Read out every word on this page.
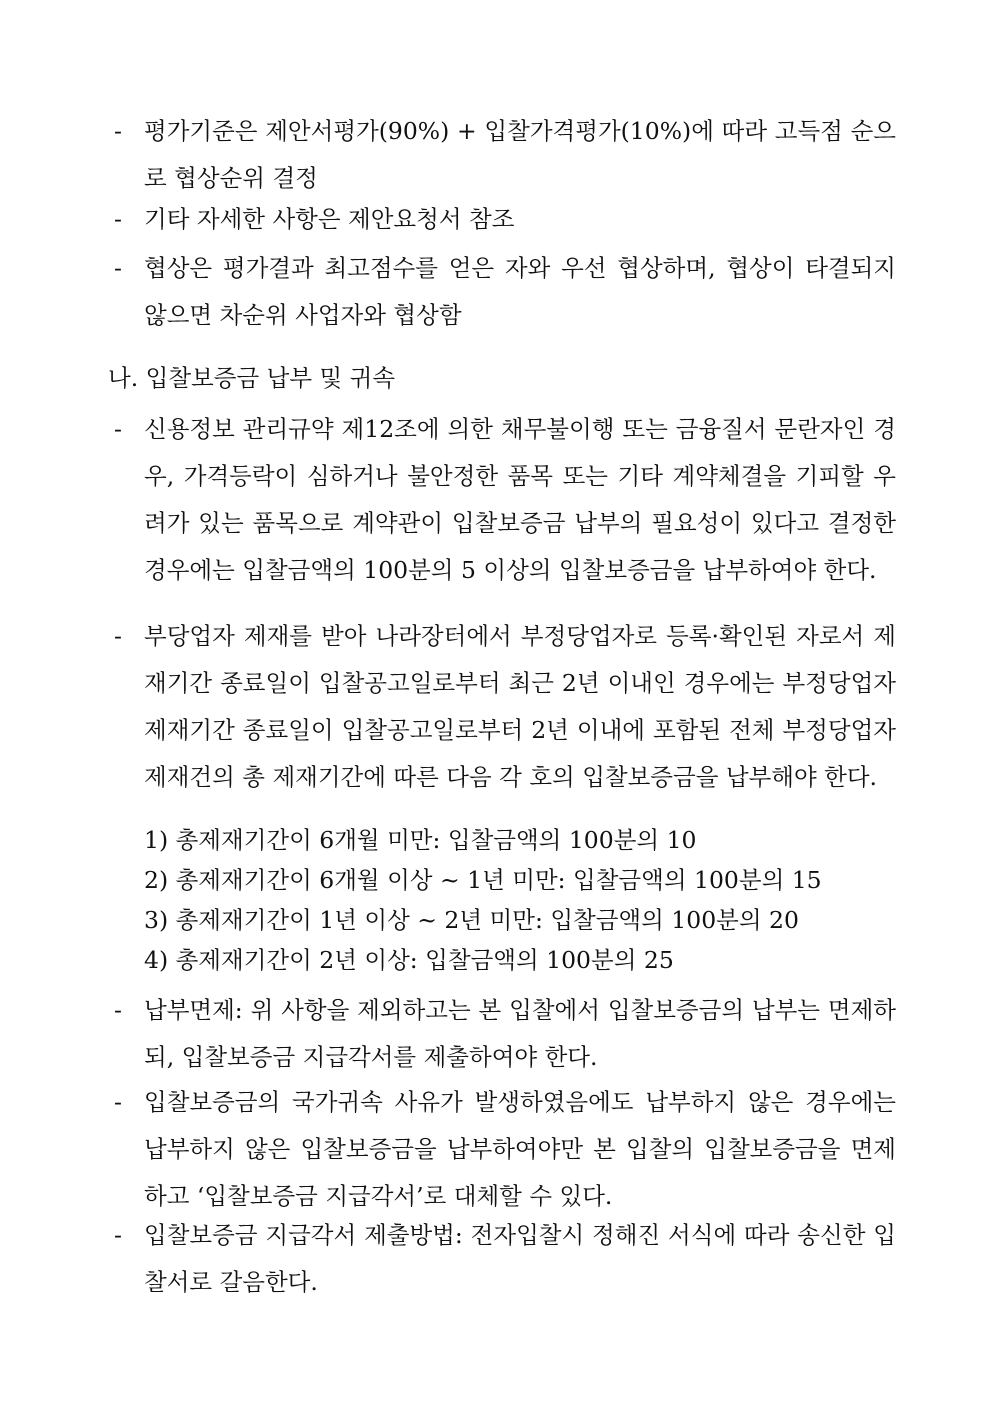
- 평가기준은 제안서평가(90%) + 입찰가격평가(10%)에 따라 고득점 순으로 협상순위 결정
- 기타 자세한 사항은 제안요청서 참조
- 협상은 평가결과 최고점수를 얻은 자와 우선 협상하며, 협상이 타결되지 않으면 차순위 사업자와 협상함
나. 입찰보증금 납부 및 귀속
- 신용정보 관리규약 제12조에 의한 채무불이행 또는 금융질서 문란자인 경우, 가격등락이 심하거나 불안정한 품목 또는 기타 계약체결을 기피할 우려가 있는 품목으로 계약관이 입찰보증금 납부의 필요성이 있다고 결정한 경우에는 입찰금액의 100분의 5 이상의 입찰보증금을 납부하여야 한다.
- 부당업자 제재를 받아 나라장터에서 부정당업자로 등록·확인된 자로서 제재기간 종료일이 입찰공고일로부터 최근 2년 이내인 경우에는 부정당업자 제재기간 종료일이 입찰공고일로부터 2년 이내에 포함된 전체 부정당업자 제재건의 총 제재기간에 따른 다음 각 호의 입찰보증금을 납부해야 한다.
1) 총제재기간이 6개월 미만: 입찰금액의 100분의 10
2) 총제재기간이 6개월 이상 ~ 1년 미만: 입찰금액의 100분의 15
3) 총제재기간이 1년 이상 ~ 2년 미만: 입찰금액의 100분의 20
4) 총제재기간이 2년 이상: 입찰금액의 100분의 25
- 납부면제: 위 사항을 제외하고는 본 입찰에서 입찰보증금의 납부는 면제하되, 입찰보증금 지급각서를 제출하여야 한다.
- 입찰보증금의 국가귀속 사유가 발생하였음에도 납부하지 않은 경우에는 납부하지 않은 입찰보증금을 납부하여야만 본 입찰의 입찰보증금을 면제하고 ‘입찰보증금 지급각서’로 대체할 수 있다.
- 입찰보증금 지급각서 제출방법: 전자입찰시 정해진 서식에 따라 송신한 입찰서로 갈음한다.
